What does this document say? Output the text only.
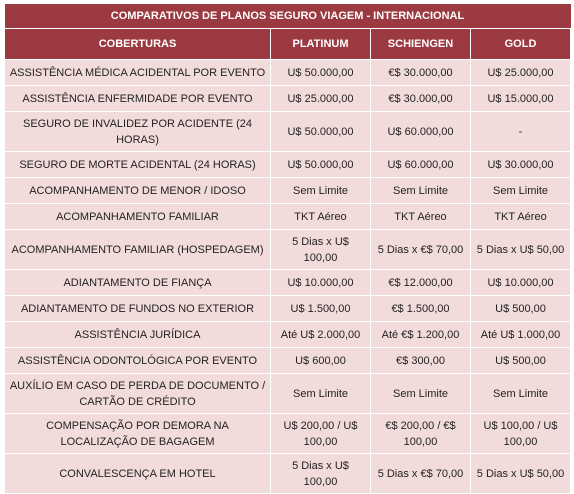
COMPARATIVOS DE PLANOS SEGURO VIAGEM - INTERNACIONAL			
COBERTURAS	PLATINUM	SCHIENGEN	GOLD
ASSISTÊNCIA MÉDICA ACIDENTAL POR EVENTO	U$ 50.000,00	€$ 30.000,00	U$ 25.000,00
ASSISTÊNCIA ENFERMIDADE POR EVENTO	U$ 25.000,00	€$ 30.000,00	U$ 15.000,00
SEGURO DE INVALIDEZ POR ACIDENTE (24 HORAS)	U$ 50.000,00	U$ 60.000,00	-
SEGURO DE MORTE ACIDENTAL (24 HORAS)	U$ 50.000,00	U$ 60.000,00	U$ 30.000,00
ACOMPANHAMENTO DE MENOR / IDOSO	Sem Limite	Sem Limite	Sem Limite
ACOMPANHAMENTO FAMILIAR	TKT Aéreo	TKT Aéreo	TKT Aéreo
ACOMPANHAMENTO FAMILIAR (HOSPEDAGEM)	5 Dias x U$ 100,00	5 Dias x €$ 70,00	5 Dias x U$ 50,00
ADIANTAMENTO DE FIANÇA	U$ 10.000,00	€$ 12.000,00	U$ 10.000,00
ADIANTAMENTO DE FUNDOS NO EXTERIOR	U$ 1.500,00	€$ 1.500,00	U$ 500,00
ASSISTÊNCIA JURÍDICA	Até U$ 2.000,00	Até €$ 1.200,00	Até U$ 1.000,00
ASSISTÊNCIA ODONTOLÓGICA POR EVENTO	U$ 600,00	€$ 300,00	U$ 500,00
AUXÍLIO EM CASO DE PERDA DE DOCUMENTO / CARTÃO DE CRÉDITO	Sem Limite	Sem Limite	Sem Limite
COMPENSAÇÃO POR DEMORA NA LOCALIZAÇÃO DE BAGAGEM	U$ 200,00 / U$ 100,00	€$ 200,00 / €$ 100,00	U$ 100,00 / U$ 100,00
CONVALESCENÇA EM HOTEL	5 Dias x U$ 100,00	5 Dias x €$ 70,00	5 Dias x U$ 50,00
